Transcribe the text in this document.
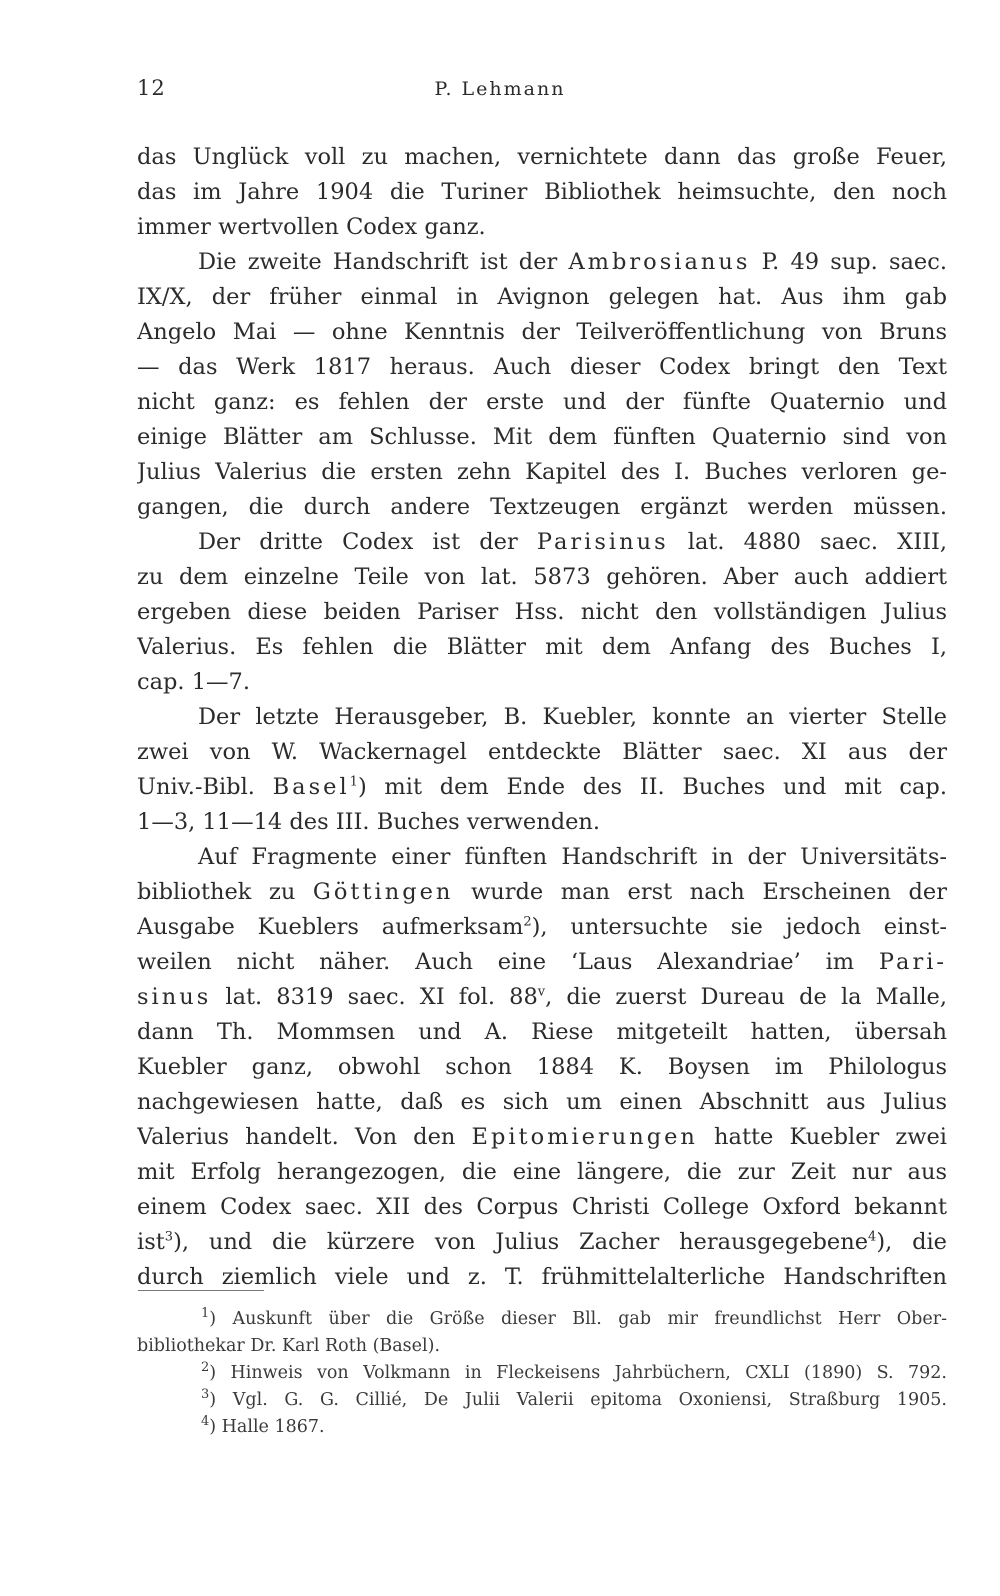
12	P. Lehmann
das Unglück voll zu machen, vernichtete dann das große Feuer,
das im Jahre 1904 die Turiner Bibliothek heimsuchte, den noch
immer wertvollen Codex ganz.
Die zweite Handschrift ist der Ambrosianus P. 49 sup. saec.
IX/X, der früher einmal in Avignon gelegen hat. Aus ihm gab
Angelo Mai — ohne Kenntnis der Teilveröffentlichung von Bruns
— das Werk 1817 heraus. Auch dieser Codex bringt den Text
nicht ganz: es fehlen der erste und der fünfte Quaternio und
einige Blätter am Schlusse. Mit dem fünften Quaternio sind von
Julius Valerius die ersten zehn Kapitel des I. Buches verloren ge-
gangen, die durch andere Textzeugen ergänzt werden müssen.
Der dritte Codex ist der Parisinus lat. 4880 saec. XIII,
zu dem einzelne Teile von lat. 5873 gehören. Aber auch addiert
ergeben diese beiden Pariser Hss. nicht den vollständigen Julius
Valerius. Es fehlen die Blätter mit dem Anfang des Buches I,
cap. 1—7.
Der letzte Herausgeber, B. Kuebler, konnte an vierter Stelle
zwei von W. Wackernagel entdeckte Blätter saec. XI aus der
Univ.-Bibl. Basel$^1$) mit dem Ende des II. Buches und mit cap.
1—3, 11—14 des III. Buches verwenden.
Auf Fragmente einer fünften Handschrift in der Universitäts-
bibliothek zu Göttingen wurde man erst nach Erscheinen der
Ausgabe Kueblers aufmerksam$^2$), untersuchte sie jedoch einst-
weilen nicht näher. Auch eine ‘Laus Alexandriae’ im Pari-
sinus lat. 8319 saec. XI fol. 88$^v$, die zuerst Dureau de la Malle,
dann Th. Mommsen und A. Riese mitgeteilt hatten, übersah
Kuebler ganz, obwohl schon 1884 K. Boysen im Philologus
nachgewiesen hatte, daß es sich um einen Abschnitt aus Julius
Valerius handelt. Von den Epitomierungen hatte Kuebler zwei
mit Erfolg herangezogen, die eine längere, die zur Zeit nur aus
einem Codex saec. XII des Corpus Christi College Oxford bekannt
ist$^3$), und die kürzere von Julius Zacher herausgegebene$^4$), die
durch ziemlich viele und z. T. frühmittelalterliche Handschriften
$^1$) Auskunft über die Größe dieser Bll. gab mir freundlichst Herr Ober-
bibliothekar Dr. Karl Roth (Basel).
$^2$) Hinweis von Volkmann in Fleckeisens Jahrbüchern, CXLI (1890) S. 792.
$^3$) Vgl. G. G. Cillié, De Julii Valerii epitoma Oxoniensi, Straßburg 1905.
$^4$) Halle 1867.
